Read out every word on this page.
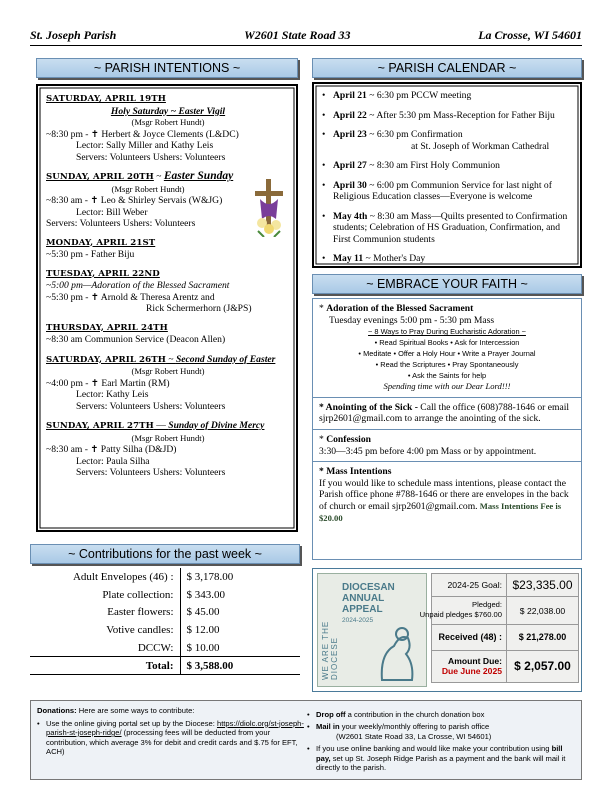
St. Joseph Parish	W2601 State Road 33	La Crosse, WI 54601
~ PARISH INTENTIONS ~	~ PARISH CALENDAR ~
~ EMBRACE YOUR FAITH ~
~ Contributions for the past week ~
SATURDAY, APRIL 19TH
Holy Saturday ~ Easter Vigil
(Msgr Robert Hundt)
~8:30 pm - ✝ Herbert & Joyce Clements (L&DC)
Lector: Sally Miller and Kathy Leis
Servers: Volunteers Ushers: Volunteers
SUNDAY, APRIL 20TH ~ Easter Sunday
(Msgr Robert Hundt)
~8:30 am - ✝ Leo & Shirley Servais (W&JG)
Lector: Bill Weber
Servers: Volunteers Ushers: Volunteers
MONDAY, APRIL 21ST
~5:30 pm - Father Biju
TUESDAY, APRIL 22ND
~5:00 pm—Adoration of the Blessed Sacrament
~5:30 pm - ✝ Arnold & Theresa Arentz and
Rick Schermerhorn (J&PS)
THURSDAY, APRIL 24TH
~8:30 am Communion Service (Deacon Allen)
SATURDAY, APRIL 26TH ~ Second Sunday of Easter
(Msgr Robert Hundt)
~4:00 pm - ✝ Earl Martin (RM)
Lector: Kathy Leis
Servers: Volunteers Ushers: Volunteers
SUNDAY, APRIL 27TH — Sunday of Divine Mercy
(Msgr Robert Hundt)
~8:30 am - ✝ Patty Silha (D&JD)
Lector: Paula Silha
Servers: Volunteers Ushers: Volunteers
• April 21 ~ 6:30 pm PCCW meeting
• April 22 ~ After 5:30 pm Mass-Reception for Father Biju
• April 23 ~ 6:30 pm Confirmation
at St. Joseph of Workman Cathedral
• April 27 ~ 8:30 am First Holy Communion
• April 30 ~ 6:00 pm Communion Service for last night of Religious Education classes—Everyone is welcome
• May 4th ~ 8:30 am Mass—Quilts presented to Confirmation students; Celebration of HS Graduation, Confirmation, and First Communion students
• May 11 ~ Mother's Day
* Adoration of the Blessed Sacrament
Tuesday evenings 5:00 pm - 5:30 pm Mass
~ 8 Ways to Pray During Eucharistic Adoration ~
• Read Spiritual Books • Ask for Intercession
• Meditate • Offer a Holy Hour • Write a Prayer Journal
• Read the Scriptures • Pray Spontaneously
• Ask the Saints for help
Spending time with our Dear Lord!!!
* Anointing of the Sick - Call the office (608)788-1646 or email sjrp2601@gmail.com to arrange the anointing of the sick.
* Confession
3:30—3:45 pm before 4:00 pm Mass or by appointment.
* Mass Intentions
If you would like to schedule mass intentions, please contact the Parish office phone #788-1646 or there are envelopes in the back of church or email sjrp2601@gmail.com. Mass Intentions Fee is $20.00
Adult Envelopes (46) :	$ 3,178.00
Plate collection:	$ 343.00
Easter flowers:	$ 45.00
Votive candles:	$ 12.00
DCCW:	$ 10.00
Total:	$ 3,588.00	WE ARE THE DIOCESE
DIOCESAN
ANNUAL
APPEAL
2024-2025
2024-25 Goal: $23,335.00
Pledged:
Unpaid pledges $760.00	$ 22,038.00
Received (48) :	$ 21,278.00
Amount Due:
Due June 2025	$ 2,057.00
Donations: Here are some ways to contribute:
• Use the online giving portal set up by the Diocese: https://diolc.org/st-joseph-parish-st-joseph-ridge/ (processing fees will be deducted from your contribution, which average 3% for debit and credit cards and $.75 for EFT, ACH)
• Drop off a contribution in the church donation box
• Mail in your weekly/monthly offering to parish office
(W2601 State Road 33, La Crosse, WI 54601)
• If you use online banking and would like make your contribution using bill pay, set up St. Joseph Ridge Parish as a payment and the bank will mail it directly to the parish.
